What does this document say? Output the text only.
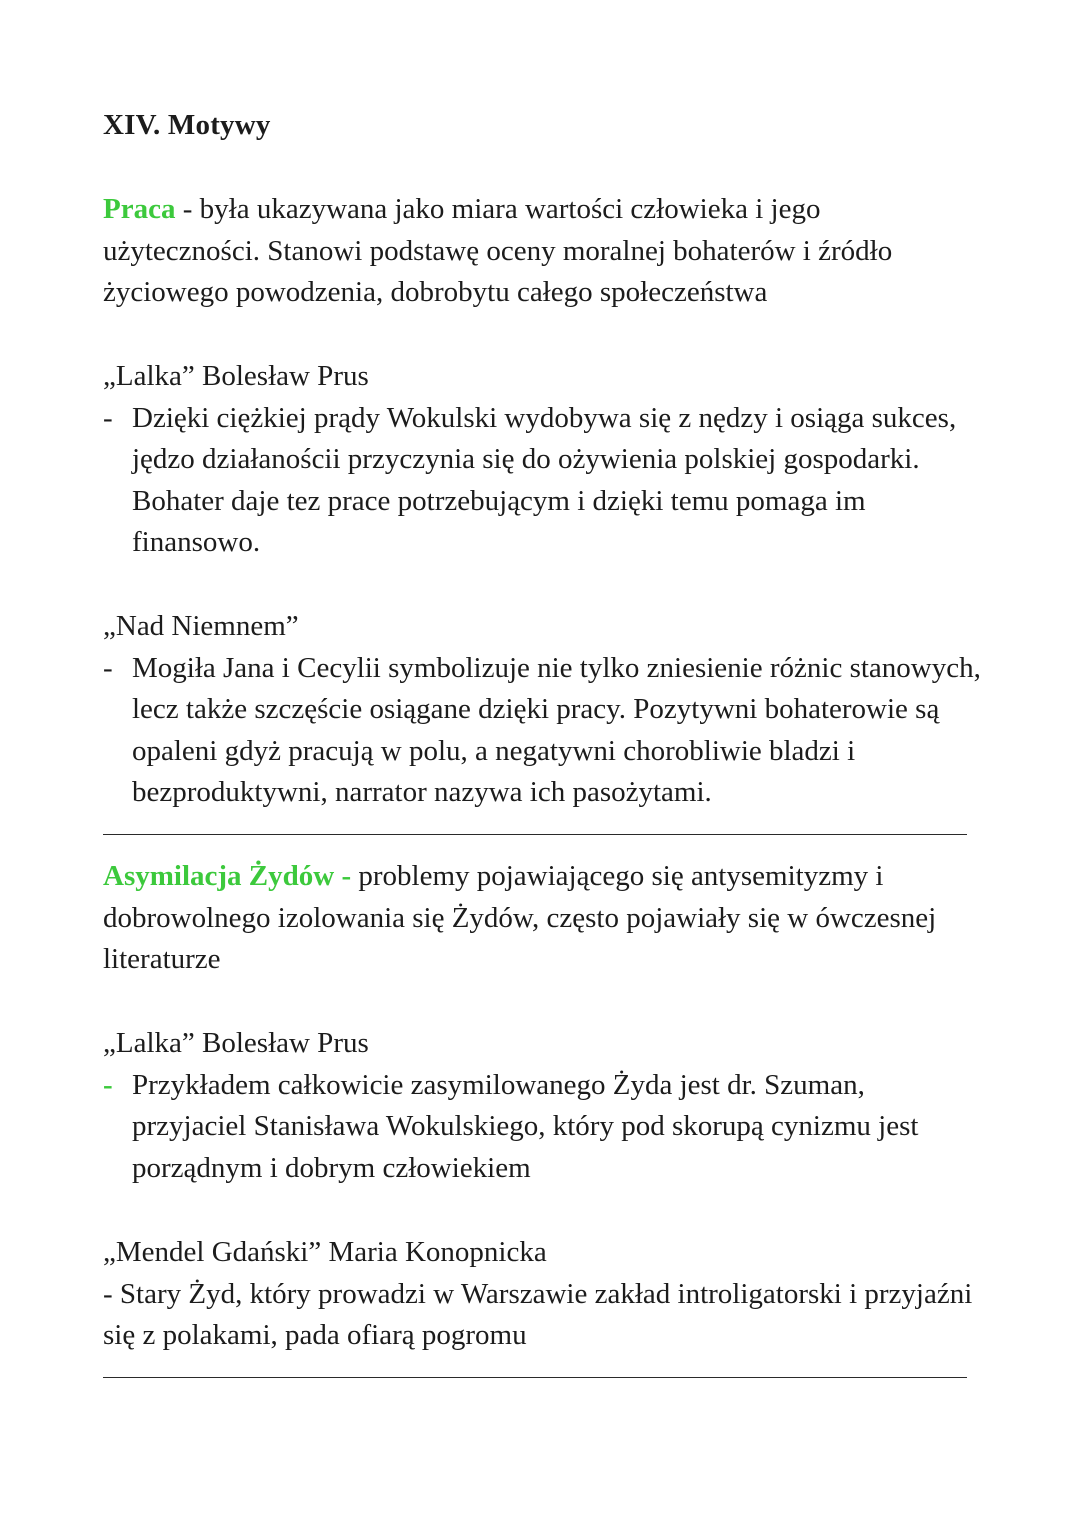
XIV. Motywy

Praca - była ukazywana jako miara wartości człowieka i jego użyteczności. Stanowi podstawę oceny moralnej bohaterów i źródło życiowego powodzenia, dobrobytu całego społeczeństwa

„Lalka” Bolesław Prus
- Dzięki ciężkiej prądy Wokulski wydobywa się z nędzy i osiąga sukces, jędzo działanościi przyczynia się do ożywienia polskiej gospodarki. Bohater daje tez prace potrzebującym i dzięki temu pomaga im finansowo.
„Nad Niemnem”
- Mogiła Jana i Cecylii symbolizuje nie tylko zniesienie różnic stanowych, lecz także szczęście osiągane dzięki pracy. Pozytywni bohaterowie są opaleni gdyż pracują w polu, a negatywni chorobliwie bladzi i bezproduktywni, narrator nazywa ich pasożytami.

Asymilacja Żydów - problemy pojawiającego się antysemityzmy i dobrowolnego izolowania się Żydów, często pojawiały się w ówczesnej literaturze

„Lalka” Bolesław Prus
- Przykładem całkowicie zasymilowanego Żyda jest dr. Szuman, przyjaciel Stanisława Wokulskiego, który pod skorupą cynizmu jest porządnym i dobrym człowiekiem
„Mendel Gdański” Maria Konopnicka

- Stary Żyd, który prowadzi w Warszawie zakład introligatorski i przyjaźni się z polakami, pada ofiarą pogromu
